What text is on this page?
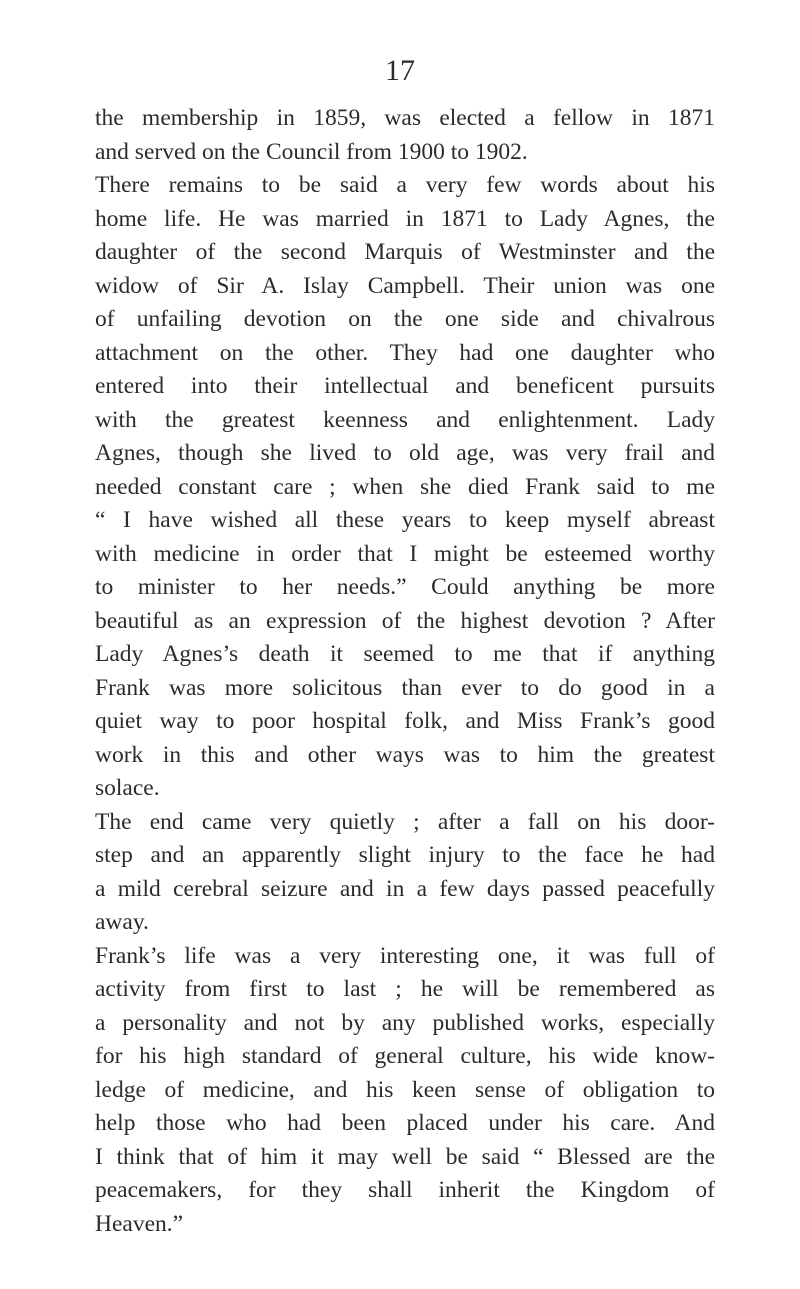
17
the membership in 1859, was elected a fellow in 1871
and served on the Council from 1900 to 1902.
There remains to be said a very few words about his
home life. He was married in 1871 to Lady Agnes, the
daughter of the second Marquis of Westminster and the
widow of Sir A. Islay Campbell. Their union was one
of unfailing devotion on the one side and chivalrous
attachment on the other. They had one daughter who
entered into their intellectual and beneficent pursuits
with the greatest keenness and enlightenment. Lady
Agnes, though she lived to old age, was very frail and
needed constant care ; when she died Frank said to me
“ I have wished all these years to keep myself abreast
with medicine in order that I might be esteemed worthy
to minister to her needs.” Could anything be more
beautiful as an expression of the highest devotion ? After
Lady Agnes’s death it seemed to me that if anything
Frank was more solicitous than ever to do good in a
quiet way to poor hospital folk, and Miss Frank’s good
work in this and other ways was to him the greatest
solace.
The end came very quietly ; after a fall on his door-
step and an apparently slight injury to the face he had
a mild cerebral seizure and in a few days passed peacefully
away.
Frank’s life was a very interesting one, it was full of
activity from first to last ; he will be remembered as
a personality and not by any published works, especially
for his high standard of general culture, his wide know-
ledge of medicine, and his keen sense of obligation to
help those who had been placed under his care. And
I think that of him it may well be said “ Blessed are the
peacemakers, for they shall inherit the Kingdom of
Heaven.”
